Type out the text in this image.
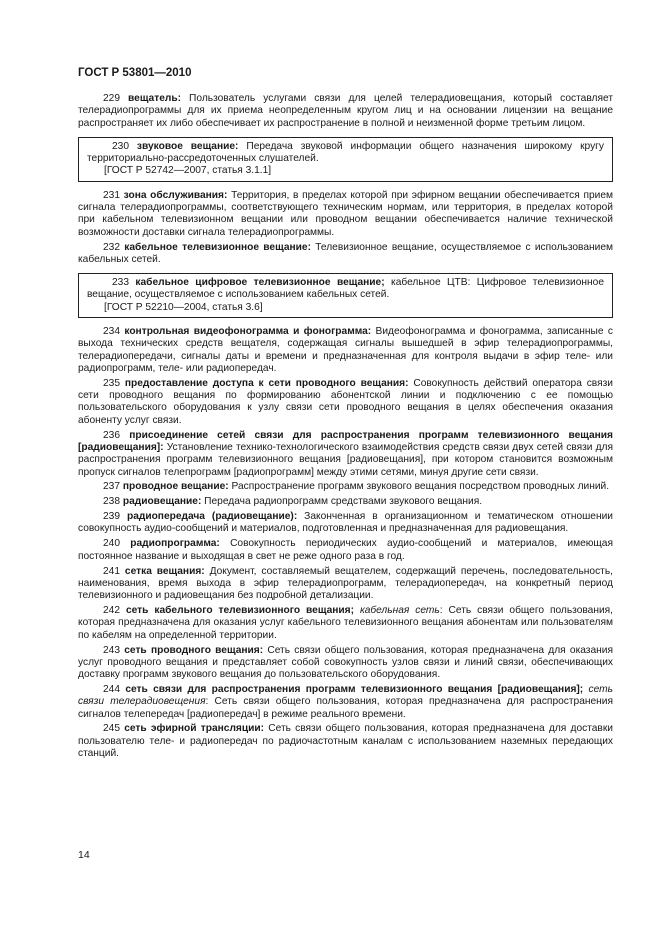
ГОСТ Р 53801—2010

229 вещатель: Пользователь услугами связи для целей телерадиовещания, который составляет телерадиопрограммы для их приема неопределенным кругом лиц и на основании лицензии на вещание распространяет их либо обеспечивает их распространение в полной и неизменной форме третьим лицом.

230 звуковое вещание: Передача звуковой информации общего назначения широкому кругу территориально-рассредоточенных слушателей.

[ГОСТ Р 52742—2007, статья 3.1.1]

231 зона обслуживания: Территория, в пределах которой при эфирном вещании обеспечивается прием сигнала телерадиопрограммы, соответствующего техническим нормам, или территория, в пределах которой при кабельном телевизионном вещании или проводном вещании обеспечивается наличие технической возможности доставки сигнала телерадиопрограммы.

232 кабельное телевизионное вещание: Телевизионное вещание, осуществляемое с использованием кабельных сетей.

233 кабельное цифровое телевизионное вещание; кабельное ЦТВ: Цифровое телевизионное вещание, осуществляемое с использованием кабельных сетей.

[ГОСТ Р 52210—2004, статья 3.6]

234 контрольная видеофонограмма и фонограмма: Видеофонограмма и фонограмма, записанные с выхода технических средств вещателя, содержащая сигналы вышедшей в эфир телерадиопрограммы, телерадиопередачи, сигналы даты и времени и предназначенная для контроля выдачи в эфир теле- или радиопрограмм, теле- или радиопередач.

235 предоставление доступа к сети проводного вещания: Совокупность действий оператора связи сети проводного вещания по формированию абонентской линии и подключению с ее помощью пользовательского оборудования к узлу связи сети проводного вещания в целях обеспечения оказания абоненту услуг связи.

236 присоединение сетей связи для распространения программ телевизионного вещания [радиовещания]: Установление технико-технологического взаимодействия средств связи двух сетей связи для распространения программ телевизионного вещания [радиовещания], при котором становится возможным пропуск сигналов телепрограмм [радиопрограмм] между этими сетями, минуя другие сети связи.

237 проводное вещание: Распространение программ звукового вещания посредством проводных линий.

238 радиовещание: Передача радиопрограмм средствами звукового вещания.

239 радиопередача (радиовещание): Законченная в организационном и тематическом отношении совокупность аудио-сообщений и материалов, подготовленная и предназначенная для радиовещания.

240 радиопрограмма: Совокупность периодических аудио-сообщений и материалов, имеющая постоянное название и выходящая в свет не реже одного раза в год.

241 сетка вещания: Документ, составляемый вещателем, содержащий перечень, последовательность, наименования, время выхода в эфир телерадиопрограмм, телерадиопередач, на конкретный период телевизионного и радиовещания без подробной детализации.

242 сеть кабельного телевизионного вещания; кабельная сеть: Сеть связи общего пользования, которая предназначена для оказания услуг кабельного телевизионного вещания абонентам или пользователям по кабелям на определенной территории.

243 сеть проводного вещания: Сеть связи общего пользования, которая предназначена для оказания услуг проводного вещания и представляет собой совокупность узлов связи и линий связи, обеспечивающих доставку программ звукового вещания до пользовательского оборудования.

244 сеть связи для распространения программ телевизионного вещания [радиовещания]; сеть связи телерадиовещения: Сеть связи общего пользования, которая предназначена для распространения сигналов телепередач [радиопередач] в режиме реального времени.

245 сеть эфирной трансляции: Сеть связи общего пользования, которая предназначена для доставки пользователю теле- и радиопередач по радиочастотным каналам с использованием наземных передающих станций.

14
